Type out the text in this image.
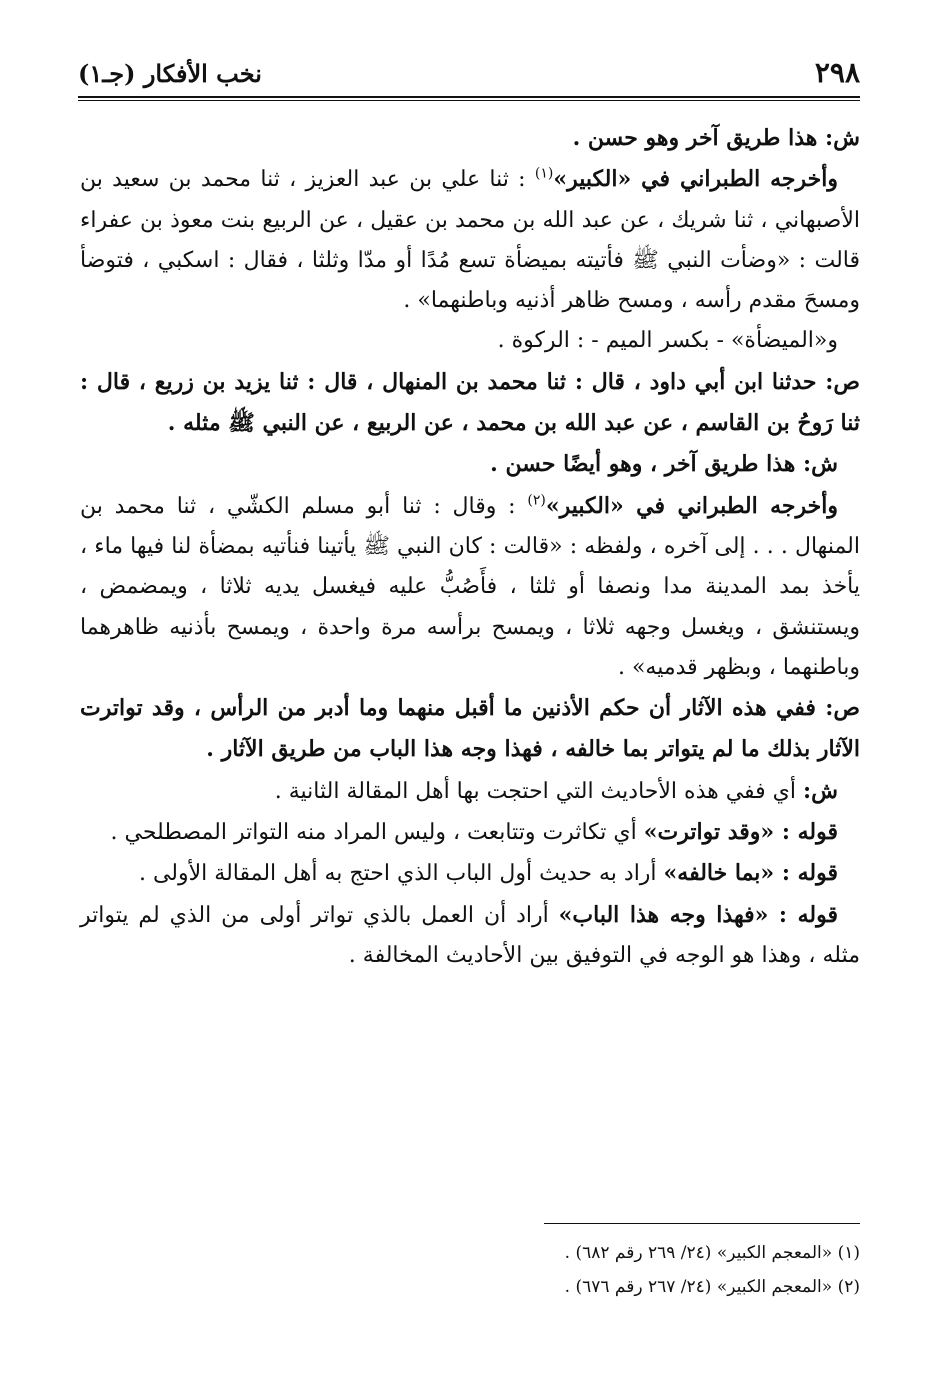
٢٩٨
نخب الأفكار (جـ١)

ش: هذا طريق آخر وهو حسن .

وأخرجه الطبراني في «الكبير»$^{(١)}$ : ثنا علي بن عبد العزيز ، ثنا محمد بن سعيد بن الأصبهاني ، ثنا شريك ، عن عبد الله بن محمد بن عقيل ، عن الربيع بنت معوذ بن عفراء قالت : «وضأت النبي ﷺ فأتيته بميضأة تسع مُدًا أو مدّا وثلثا ، فقال : اسكبي ، فتوضأ ومسحَ مقدم رأسه ، ومسح ظاهر أذنيه وباطنهما» .

و«الميضأة» - بكسر الميم - : الركوة .

ص: حدثنا ابن أبي داود ، قال : ثنا محمد بن المنهال ، قال : ثنا يزيد بن زريع ، قال : ثنا رَوحُ بن القاسم ، عن عبد الله بن محمد ، عن الربيع ، عن النبي ﷺ مثله .

ش: هذا طريق آخر ، وهو أيضًا حسن .

وأخرجه الطبراني في «الكبير»$^{(٢)}$ : وقال : ثنا أبو مسلم الكشّي ، ثنا محمد بن المنهال . . . إلى آخره ، ولفظه : «قالت : كان النبي ﷺ يأتينا فنأتيه بمضأة لنا فيها ماء ، يأخذ بمد المدينة مدا ونصفا أو ثلثا ، فأَصُبُّ عليه فيغسل يديه ثلاثا ، ويمضمض ، ويستنشق ، ويغسل وجهه ثلاثا ، ويمسح برأسه مرة واحدة ، ويمسح بأذنيه ظاهرهما وباطنهما ، وبظهر قدميه» .

ص: ففي هذه الآثار أن حكم الأذنين ما أقبل منهما وما أدبر من الرأس ، وقد تواترت الآثار بذلك ما لم يتواتر بما خالفه ، فهذا وجه هذا الباب من طريق الآثار .

ش: أي ففي هذه الأحاديث التي احتجت بها أهل المقالة الثانية .

قوله : «وقد تواترت» أي تكاثرت وتتابعت ، وليس المراد منه التواتر المصطلحي .

قوله : «بما خالفه» أراد به حديث أول الباب الذي احتج به أهل المقالة الأولى .

قوله : «فهذا وجه هذا الباب» أراد أن العمل بالذي تواتر أولى من الذي لم يتواتر مثله ، وهذا هو الوجه في التوفيق بين الأحاديث المخالفة .

(١) «المعجم الكبير» (٢٤/ ٢٦٩ رقم ٦٨٢) .

(٢) «المعجم الكبير» (٢٤/ ٢٦٧ رقم ٦٧٦) .
